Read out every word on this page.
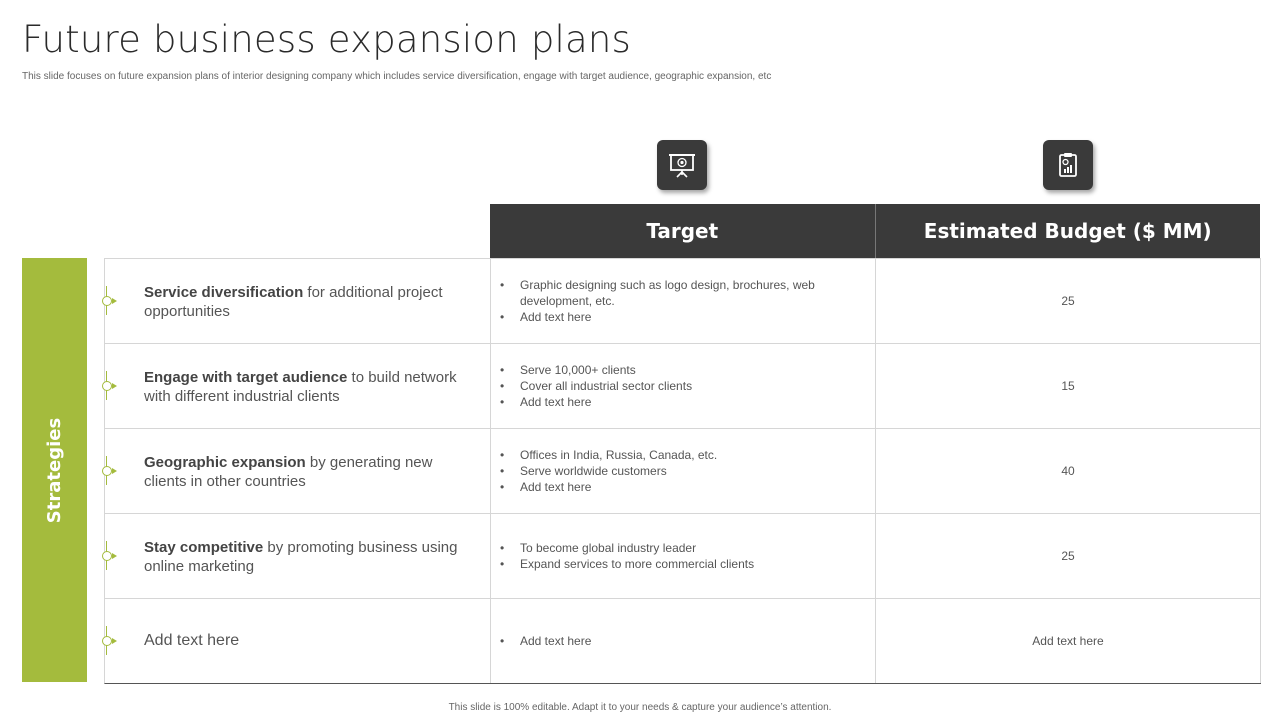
Future business expansion plans

This slide focuses on future expansion plans of interior designing company which includes service diversification, engage with target audience, geographic expansion, etc

Target	Estimated Budget ($ MM)
Strategies
Service diversification for additional project opportunities
• Graphic designing such as logo design, brochures, web development, etc.
• Add text here
25
Engage with target audience to build network with different industrial clients
• Serve 10,000+ clients
• Cover all industrial sector clients
• Add text here
15
Geographic expansion by generating new clients in other countries
• Offices in India, Russia, Canada, etc.
• Serve worldwide customers
• Add text here
40
Stay competitive by promoting business using online marketing
• To become global industry leader
• Expand services to more commercial clients
25
Add text here
•	Add text here	Add text here
This slide is 100% editable. Adapt it to your needs & capture your audience’s attention.
